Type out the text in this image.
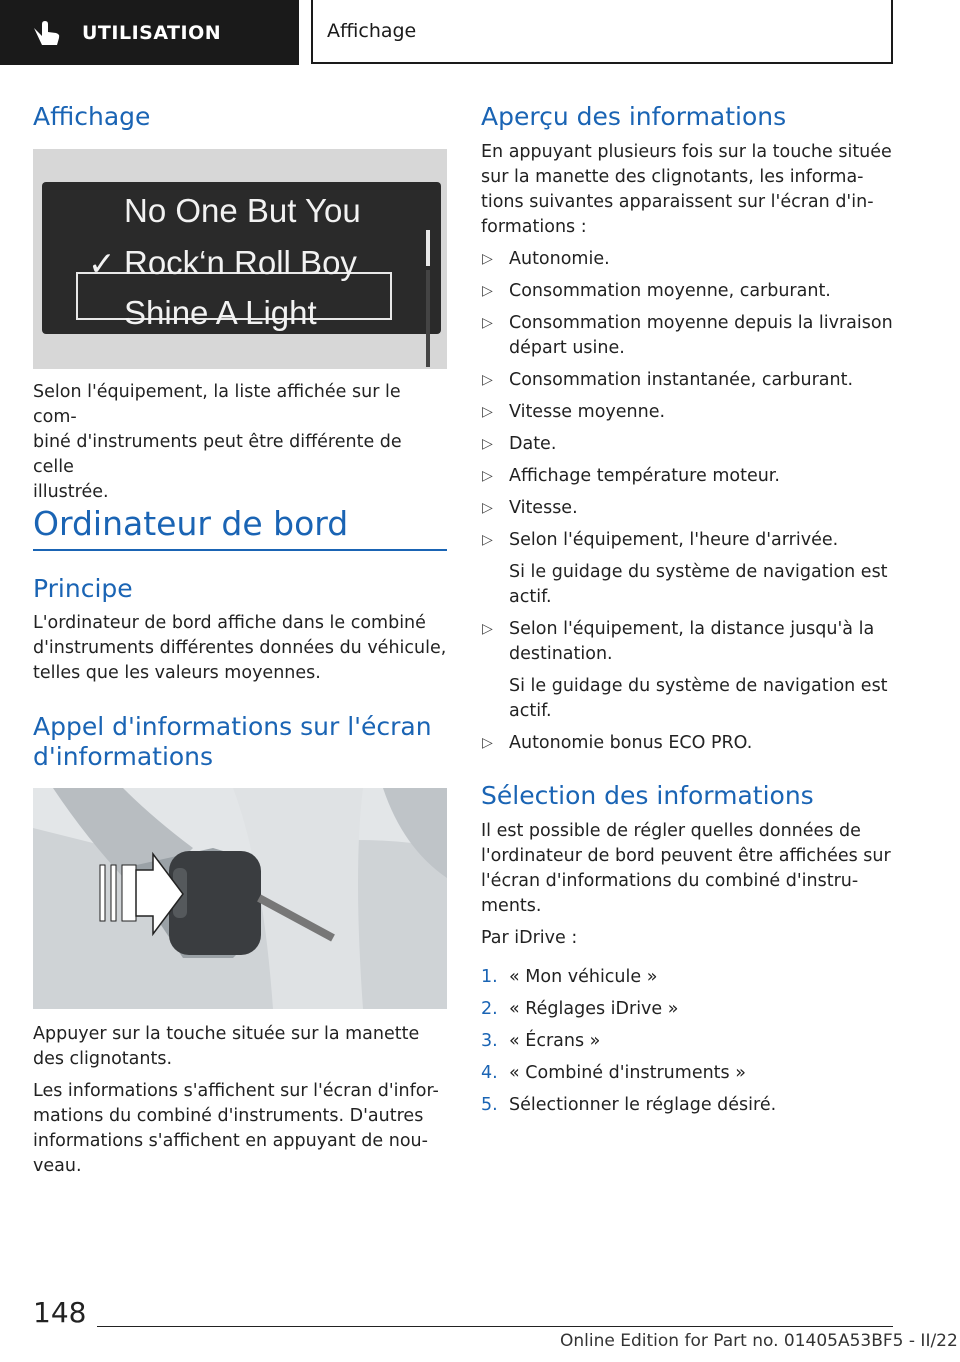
UTILISATION	Affichage
Affichage
No One But You
✓ Rock‘n Roll Boy
Shine A Light

Selon l'équipement, la liste affichée sur le com-

biné d'instruments peut être différente de celle

illustrée.

Ordinateur de bord
Principe

L'ordinateur de bord affiche dans le combiné

d'instruments différentes données du véhicule,

telles que les valeurs moyennes.

Appel d'informations sur l'écran
d'informations

Appuyer sur la touche située sur la manette

des clignotants.

Les informations s'affichent sur l'écran d'infor-

mations du combiné d'instruments. D'autres

informations s'affichent en appuyant de nou-

veau.

Aperçu des informations

En appuyant plusieurs fois sur la touche située

sur la manette des clignotants, les informa-

tions suivantes apparaissent sur l'écran d'in-

formations :

▷ Autonomie.
▷ Consommation moyenne, carburant.
▷ Consommation moyenne depuis la livraison
départ usine.
▷ Consommation instantanée, carburant.
▷ Vitesse moyenne.
▷ Date.
▷ Affichage température moteur.
▷ Vitesse.
▷ Selon l'équipement, l'heure d'arrivée.
Si le guidage du système de navigation est
actif.
▷ Selon l'équipement, la distance jusqu'à la
destination.
Si le guidage du système de navigation est
actif.
▷ Autonomie bonus ECO PRO.
Sélection des informations

Il est possible de régler quelles données de

l'ordinateur de bord peuvent être affichées sur

l'écran d'informations du combiné d'instru-

ments.

Par iDrive :

1. « Mon véhicule »
2. « Réglages iDrive »
3. « Écrans »
4. « Combiné d'instruments »
5. Sélectionner le réglage désiré.
148
Online Edition for Part no. 01405A53BF5 - II/22
